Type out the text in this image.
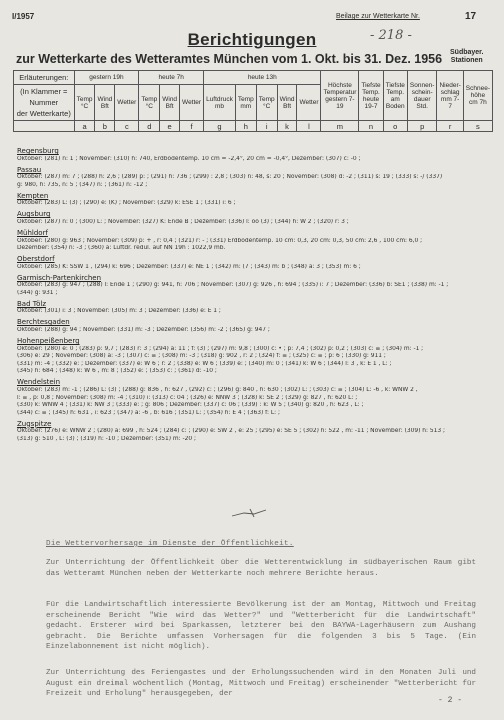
I/1957	Beilage zur Wetterkarte Nr.	17
- 218 -
Berichtigungen
zur Wetterkarte des Wetteramtes München vom 1. Okt. bis 31. Dez. 1956 Südbayer.
Stationen
Erläuterungen:	gestern 19h			heute 7h			heute 13h					Höchste Temperatur gestern 7-19	Tiefste Temp. heute 19-7	Tiefste Temp. am Boden	Sonnen-schein-dauer Std.	Nieder-schlag mm 7-7	Schnee-höhe cm 7h
(In Klammer = Nummer
der Wetterkarte)	Temp °C	Wind Bft	Wetter	Temp °C	Wind Bft	Wetter	Luftdruck mb	Temp mm	Temp °C	Wind Bft	Wetter						
	a	b	c	d	e	f	g	h	i	k	l	m	n	o	p	r	s
Regensburg
Oktober: (281) n: 1 ; November: (310) h: 740, Erdbodentemp. 10 cm = -2,4°, 20 cm = -0,4°, Dezember: (307) c: -0 ;
Passau
Oktober: (287) m: 7 ; (288) h: 2,6 ; (289) p: ; (291) h: 736 ; (299) : 2,8 ; (303) n: 48, s: 20 ; November: (308) d: -2 ; (311) s: 19 ; (333) s: -/ (337)
g: 980, h: 735, n: 5 ; (347) n: ; (361) n: -12 ;
Kempten
Oktober: (283) L: (3) ; (290) e: (K) ; November: (329) k: ESE 1 ; (331) i: 6 ;
Augsburg
Oktober: (287) n: 0 ; (300) L: ; November: (327) K: Ende B ; Dezember: (336) l: oo (3) ; (344) h: W 2 ; (320) r: 3 ;
Mühldorf
Oktober: (280) g: 963 ; November: (309) p: + , r: 0,4 ; (321) r: - ; (331) Erdbodentemp. 10 cm: 0,3, 20 cm: 0,3, 50 cm: 2,6 , 100 cm: 6,0 ;
Dezember: (354) n: -3 ; (360) a: Luftdr. redul. auf NN 19h : 1022,9 mb.
Oberstdorf
Oktober: (285) K: SSW 1 , (294) k: 696 ; Dezember: (337) e: NE 1 ; (342) m: (7 ; (343) m: b ; (348) a: 3 ; (353) m: 6 ;
Garmisch-Partenkirchen
Oktober: (283) g: 947 ; (288) l: Ende 1 ; (290) g: 941, h: 706 ; November: (307) g: 926 , h: 694 ; (335) i: 7 ; Dezember: (336) b: SE1 ; (338) m: -1 ;
(344) g: 931 ;
Bad Tölz
Oktober: (301) i: 3 ; November: (305) m: 3 ; Dezember: (336) e: E 1 ;
Berchtesgaden
Oktober: (288) g: 94 ; November: (331) m: -3 ; Dezember: (356) m: -2 ; (365) g: 947 ;
Hohenpeißenberg
Oktober: (280) e: 0 ; (283) p: 9,7 ; (283) r: 3 ; (294) a: 11 ; f: (3) ; (297) m: 9,8 ; (300) c: • ; p: 7,4 ; (302) p: 0,2 ; (303) c: ≡ ; (304) m: -1 ;
(306) e: 29 ; November: (308) a: -3 ; (307) c: ≡ ; (308) m: -3 ; (318) g: 902 , r: 2 ; (324) f: ≡ ; (325) c: ≡ ; p: 6 ; (330) g: 911 ;
(331) m: -4 ; (332) e: ; Dezember: (337) e: W 6 ; r: 2 ; (338) e: W 6 ; (339) e: ; (340) m: 0 ; (341) k: W 6 ; (344) l: 3 , k: E 1 , L: ;
(345) h: 684 ; (348) k: W 6 , m: 8 ; (352) e: ; (353) c: ; (361) d: -10 ;
Wendelstein
Oktober: (283) m: -1 ; (286) L: (3) ; (288) g: 836 , h: 627 , (292) c: ; (296) g: 840 , h: 630 ; (302) L: ; (303) c: ≡ ; (304) L: -6 , k: WNW 2 ,
l: ≡ , p: 0,8 ; November: (308) m: -4 ; (310) i: (313) c: 04 ; (326) e: NNW 3 ; (328) k: SE 2 ; (329) g: 827 , h: 620 L: ;
(330) k: WNW 4 ; (331) k: NW 3 ; (333) e: ; g: 806 ; Dezember: (337) c: 06 ; (339) : k: W 5 ; (340) g: 820 , h: 623 , L: ;
(344) c: ≡ ; (345) h: 631 , i: 623 ; (347) a: -6 , b: 616 ; (351) L: ; (354) h: E 4 ; (363) f: L: ;
Zugspitze
Oktober: (276) e: WNW 2 ; (280) a: 699 , h: 524 ; (284) c: ; (290) e: SW 2 , e: 25 ; (295) e: SE 5 ; (302) h: 522 , m: -11 ; November: (309) h: 513 ;
(313) g: 510 , L: (3) ; (319) h: -10 ; Dezember: (351) m: -20 ;
Die Wettervorhersage im Dienste der Öffentlichkeit.

Zur Unterrichtung der Öffentlichkeit über die Wetterentwicklung im südbayerischen Raum gibt das Wetteramt München neben der Wetterkarte noch mehrere Berichte heraus.

Für die Landwirtschaftlich interessierte Bevölkerung ist der am Montag, Mittwoch und Freitag erscheinende Bericht "Wie wird das Wetter?" und "Wetterbericht für die Landwirtschaft" gedacht. Ersterer wird bei Sparkassen, letzterer bei den BAYWA-Lagerhäusern zum Aushang gebracht. Die Berichte umfassen Vorhersagen für die folgenden 3 bis 5 Tage. (Ein Einzelabonnement ist nicht möglich).

Zur Unterrichtung des Feriengastes und der Erholungssuchenden wird in den Monaten Juli und August ein dreimal wöchentlich (Montag, Mittwoch und Freitag) erscheinender "Wetterbericht für Freizeit und Erholung" herausgegeben, der

- 2 -
